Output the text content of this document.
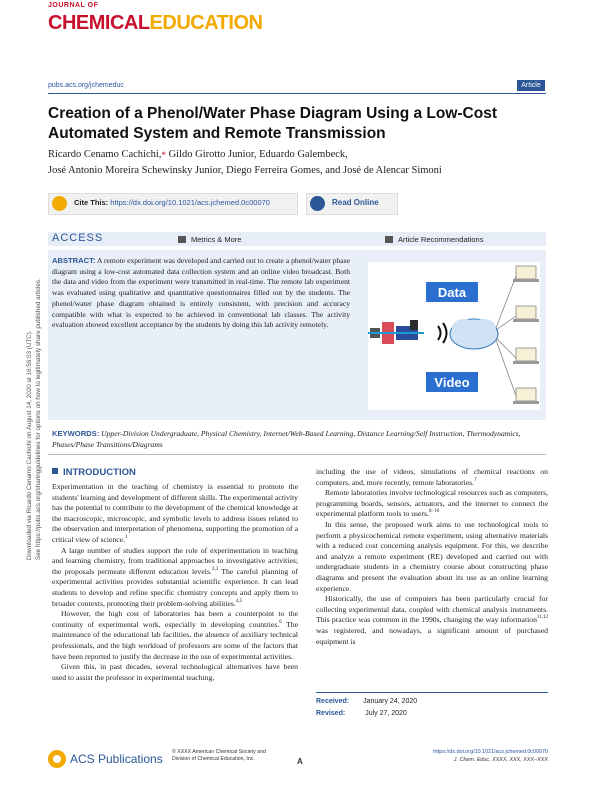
JOURNAL OF
CHEMICALEDUCATION
pubs.acs.org/jchemeduc	Article
Creation of a Phenol/Water Phase Diagram Using a Low-Cost Automated System and Remote Transmission
Ricardo Cenamo Cachichi,* Gildo Girotto Junior, Eduardo Galembeck,
José Antonio Moreira Schewinsky Junior, Diego Ferreira Gomes, and José de Alencar Simoni
Cite This: https://dx.doi.org/10.1021/acs.jchemed.0c00070	Read Online
ACCESS	Metrics & More	Article Recommendations
ABSTRACT: A remote experiment was developed and carried out to create a phenol/water phase diagram using a low-cost automated data collection system and an online video broadcast. Both the data and video from the experiment were transmitted in real-time. The remote lab experiment was evaluated using qualitative and quantitative questionnaires filled out by the students. The phenol/water phase diagram obtained is entirely consistent, with precision and accuracy compatible with what is expected to be achieved in conventional lab classes. The activity evaluation showed excellent acceptance by the students by doing this lab activity remotely.
Data
Video
KEYWORDS: Upper-Division Undergraduate, Physical Chemistry, Internet/Web-Based Learning, Distance Learning/Self Instruction, Thermodynamics, Phases/Phase Transitions/Diagrams
INTRODUCTION

Experimentation in the teaching of chemistry is essential to promote the students' learning and development of different skills. The experimental activity has the potential to contribute to the development of the chemical knowledge at the macroscopic, microscopic, and symbolic levels to address issues related to the observation and interpretation of phenomena, supporting the promotion of a critical view of science.$^1$

A large number of studies support the role of experimentation in teaching and learning chemistry, from traditional approaches to investigative activities; the proposals permeate different education levels.$^{2,3}$ The careful planning of experimental activities provides substantial scientific experience. It can lead students to develop and refine specific chemistry concepts and apply them to broader contexts, promoting their problem-solving abilities.$^{4,5}$

However, the high cost of laboratories has been a counterpoint to the continuity of experimental work, especially in developing countries.$^6$ The maintenance of the educational lab facilities, the absence of auxiliary technical professionals, and the high workload of professors are some of the factors that have been reported to justify the decrease in the use of experimental activities.

Given this, in past decades, several technological alternatives have been used to assist the professor in experimental teaching,

including the use of videos, simulations of chemical reactions on computers, and, more recently, remote laboratories.$^7$

Remote laboratories involve technological resources such as computers, programming boards, sensors, actuators, and the internet to connect the experimental platform tools to users.$^{8-10}$

In this sense, the proposed work aims to use technological tools to perform a physicochemical remote experiment, using alternative materials with a reduced cost concerning analysis equipment. For this, we describe and analyze a remote experiment (RE) developed and carried out with undergraduate students in a chemistry course about constructing phase diagrams and present the evaluation about its use as an online learning experience.

Historically, the use of computers has been particularly crucial for collecting experimental data, coupled with chemical analysis instruments. This practice was common in the 1990s, changing the way information$^{11,12}$ was registered, and nowadays, a significant amount of purchased equipment is

Received: January 24, 2020
Revised:	July 27, 2020
ACS Publications © XXXX American Chemical Society and
Division of Chemical Education, Inc.	A
https://dx.doi.org/10.1021/acs.jchemed.0c00070
J. Chem. Educ. XXXX, XXX, XXX−XXX
Downloaded via Ricardo Cenamo Cachichi on August 14, 2020 at 16:56:03 (UTC). See https://pubs.acs.org/sharingguidelines for options on how to legitimately share published articles.
